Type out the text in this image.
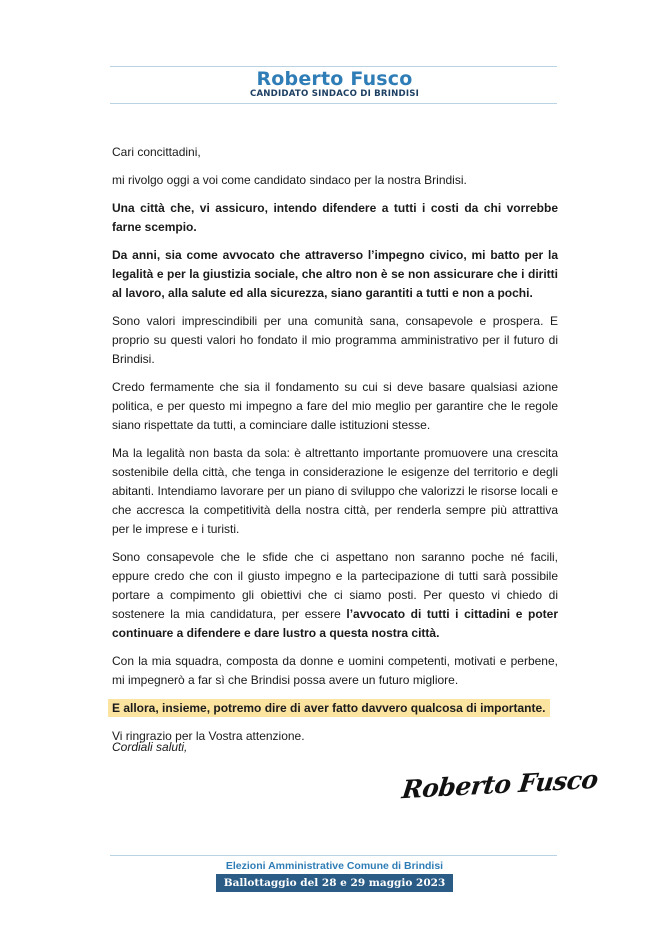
Roberto Fusco
CANDIDATO SINDACO DI BRINDISI

Cari concittadini,

mi rivolgo oggi a voi come candidato sindaco per la nostra Brindisi.

Una città che, vi assicuro, intendo difendere a tutti i costi da chi vorrebbe farne scempio.

Da anni, sia come avvocato che attraverso l’impegno civico, mi batto per la legalità e per la giustizia sociale, che altro non è se non assicurare che i diritti al lavoro, alla salute ed alla sicurezza, siano garantiti a tutti e non a pochi.

Sono valori imprescindibili per una comunità sana, consapevole e prospera. E proprio su questi valori ho fondato il mio programma amministrativo per il futuro di Brindisi.

Credo fermamente che sia il fondamento su cui si deve basare qualsiasi azione politica, e per questo mi impegno a fare del mio meglio per garantire che le regole siano rispettate da tutti, a cominciare dalle istituzioni stesse.

Ma la legalità non basta da sola: è altrettanto importante promuovere una crescita sostenibile della città, che tenga in considerazione le esigenze del territorio e degli abitanti. Intendiamo lavorare per un piano di sviluppo che valorizzi le risorse locali e che accresca la competitività della nostra città, per renderla sempre più attrattiva per le imprese e i turisti.

Sono consapevole che le sfide che ci aspettano non saranno poche né facili, eppure credo che con il giusto impegno e la partecipazione di tutti sarà possibile portare a compimento gli obiettivi che ci siamo posti. Per questo vi chiedo di sostenere la mia candidatura, per essere l’avvocato di tutti i cittadini e poter continuare a difendere e dare lustro a questa nostra città.

Con la mia squadra, composta da donne e uomini competenti, motivati e perbene, mi impegnerò a far sì che Brindisi possa avere un futuro migliore.

E allora, insieme, potremo dire di aver fatto davvero qualcosa di importante.

Vi ringrazio per la Vostra attenzione.

Cordiali saluti,
Roberto Fusco
Elezioni Amministrative Comune di Brindisi
Ballottaggio del 28 e 29 maggio 2023
